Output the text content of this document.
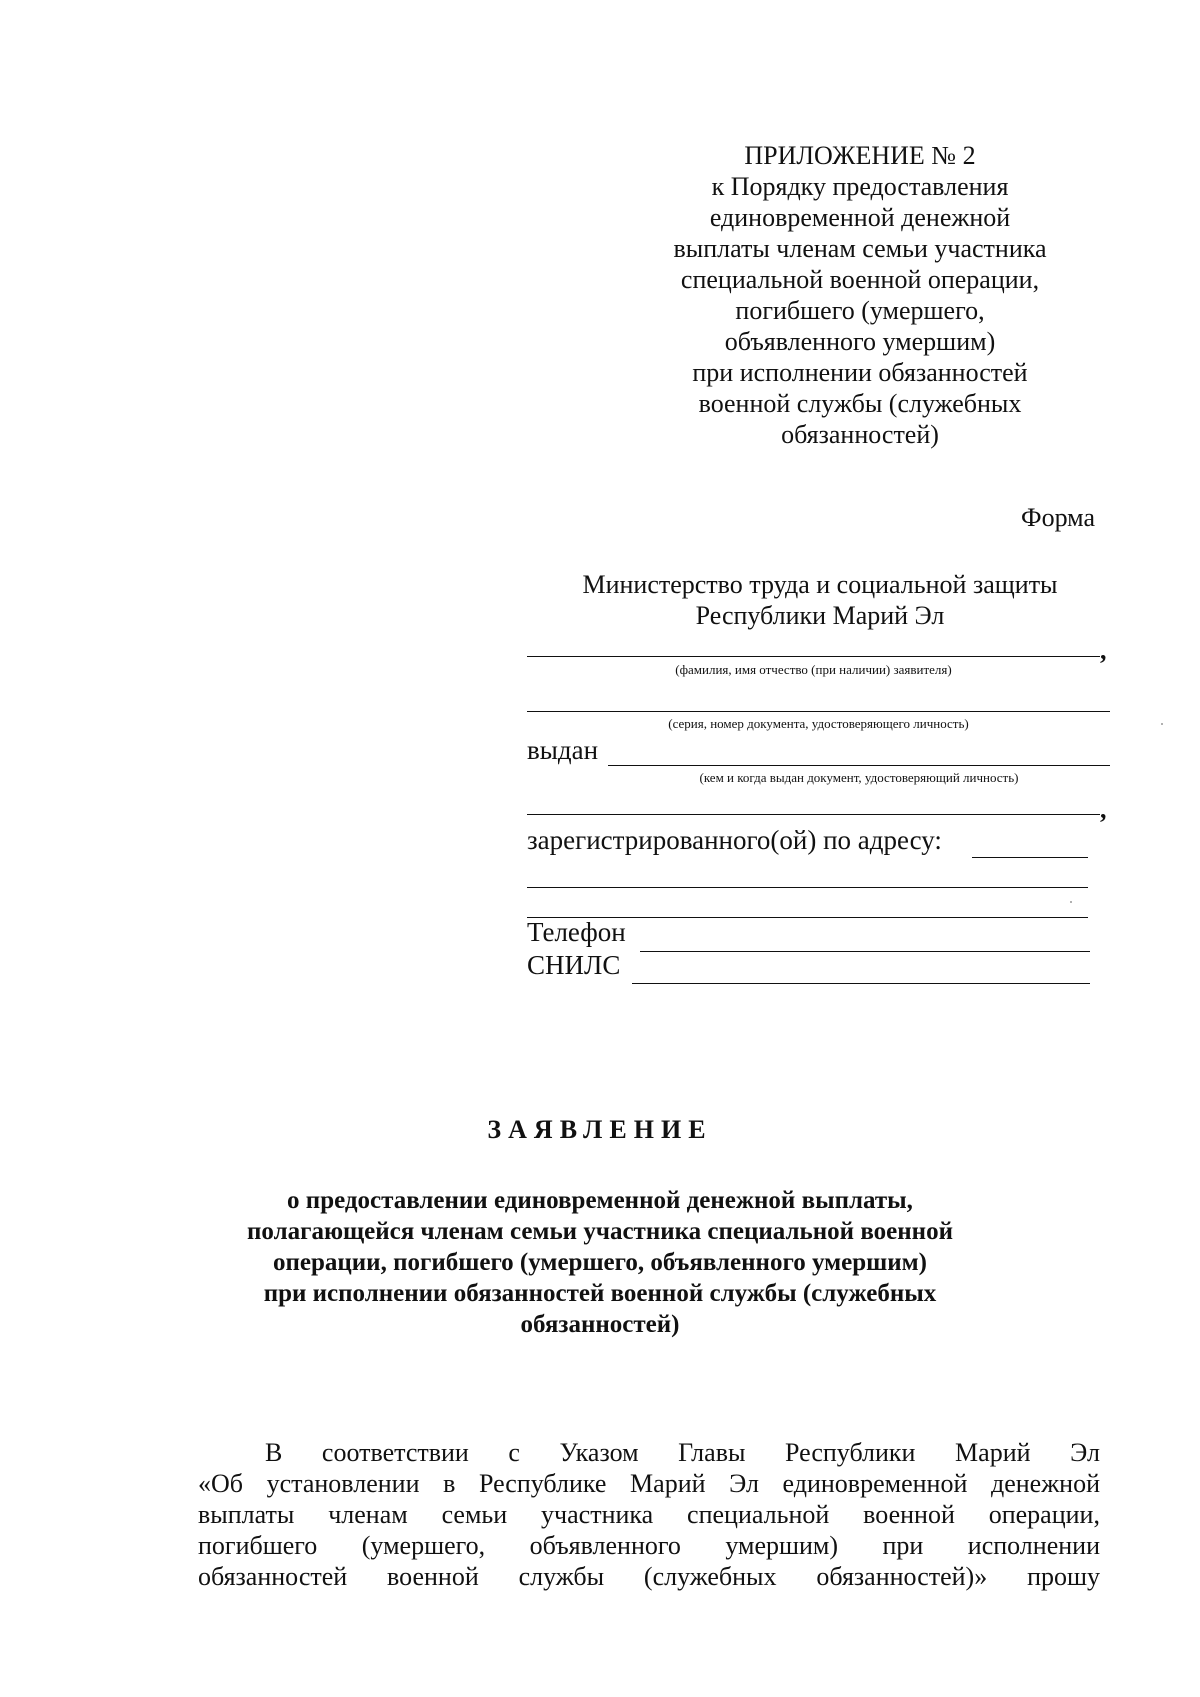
ПРИЛОЖЕНИЕ № 2
к Порядку предоставления
единовременной денежной
выплаты членам семьи участника
специальной военной операции,
погибшего (умершего,
объявленного умершим)
при исполнении обязанностей
военной службы (служебных
обязанностей)
Форма
Министерство труда и социальной защиты
Республики Марий Эл
,
(фамилия, имя отчество (при наличии) заявителя)
(серия, номер документа, удостоверяющего личность)
выдан
(кем и когда выдан документ, удостоверяющий личность)
,
зарегистрированного(ой) по адресу:
Телефон
СНИЛС
ЗАЯВЛЕНИЕ
о предоставлении единовременной денежной выплаты,
полагающейся членам семьи участника специальной военной
операции, погибшего (умершего, объявленного умершим)
при исполнении обязанностей военной службы (служебных
обязанностей)
В соответствии с Указом Главы Республики Марий Эл
«Об установлении в Республике Марий Эл единовременной денежной
выплаты членам семьи участника специальной военной операции,
погибшего (умершего, объявленного умершим) при исполнении
обязанностей военной службы (служебных обязанностей)» прошу
